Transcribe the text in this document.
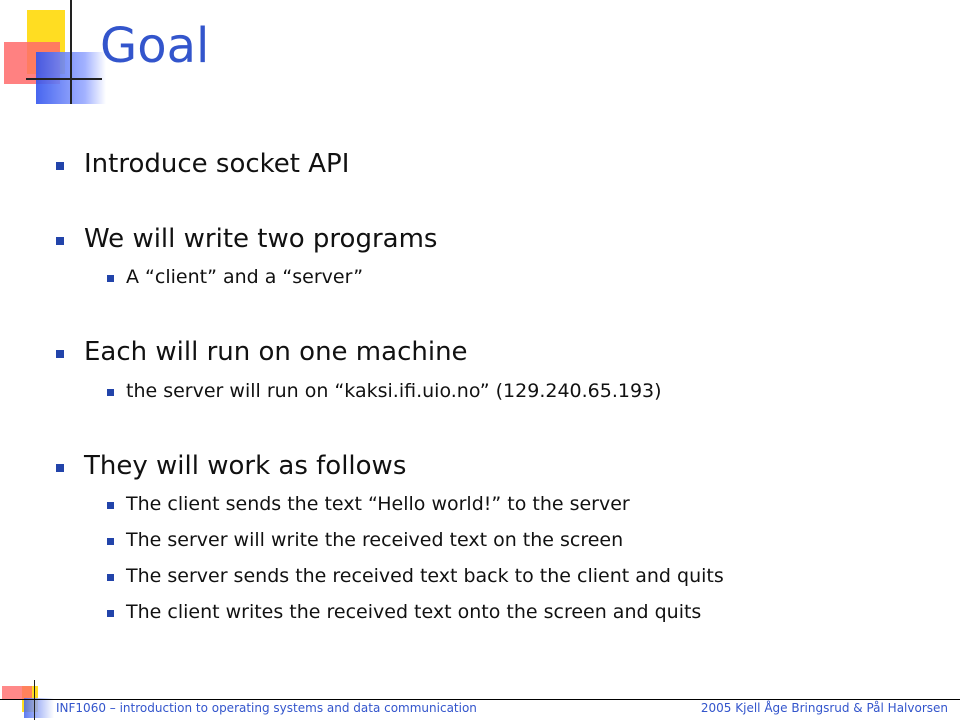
Goal
Introduce socket API
We will write two programs
A “client” and a “server”
Each will run on one machine
the server will run on “kaksi.ifi.uio.no” (129.240.65.193)
They will work as follows
The client sends the text “Hello world!” to the server
The server will write the received text on the screen
The server sends the received text back to the client and quits
The client writes the received text onto the screen and quits
INF1060 – introduction to operating systems and data communication	2005 Kjell Åge Bringsrud & Pål Halvorsen
